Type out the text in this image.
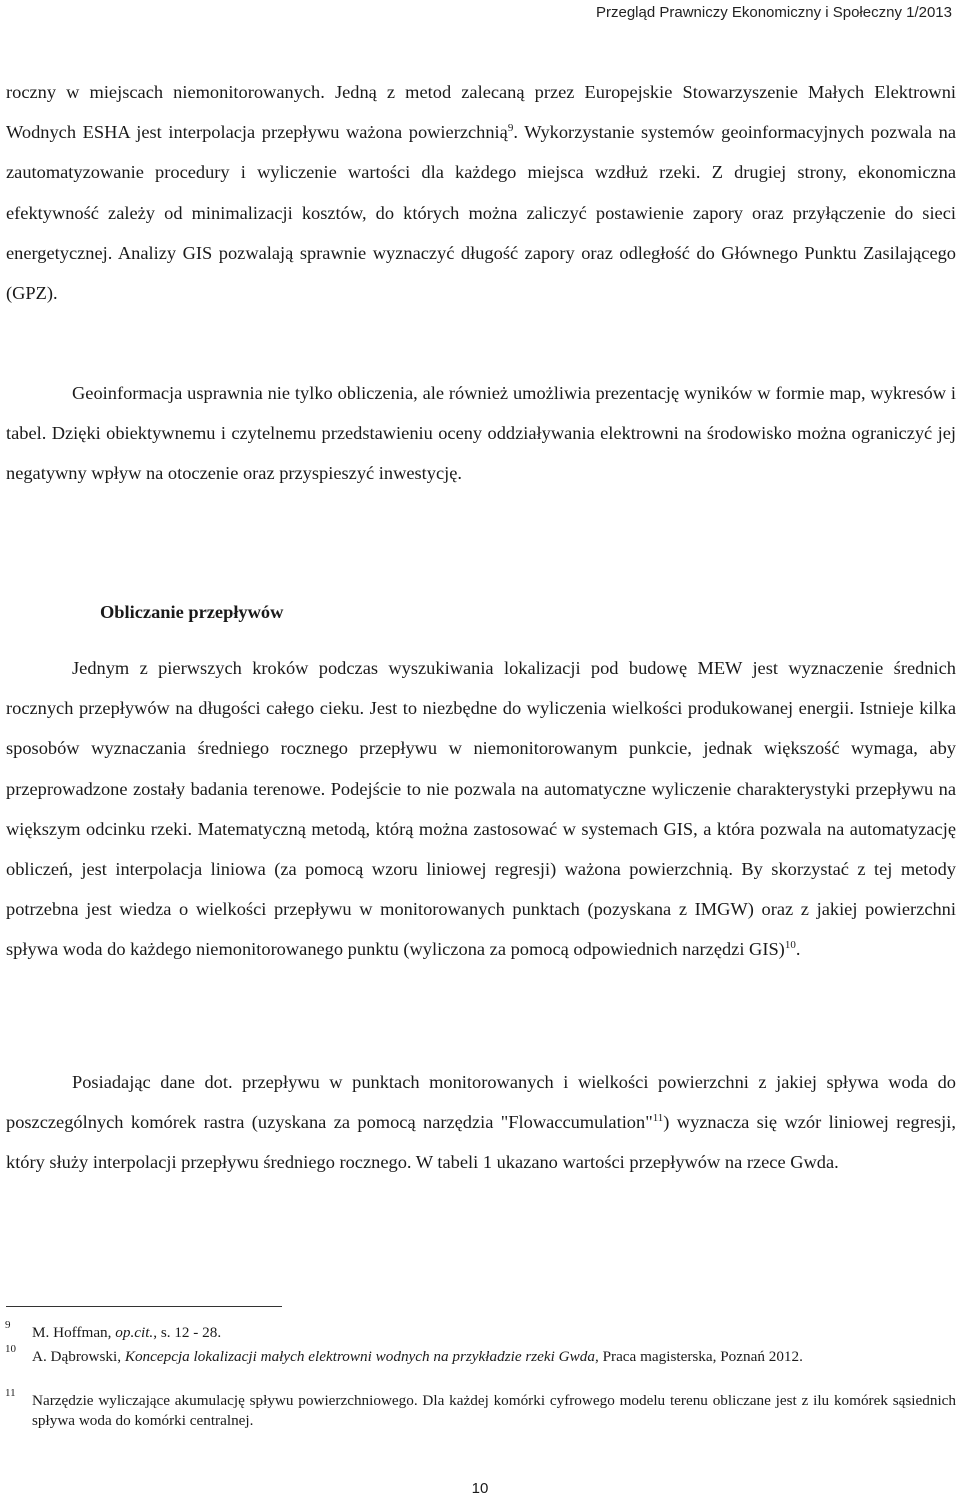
Przegląd Prawniczy Ekonomiczny i Społeczny 1/2013

roczny w miejscach niemonitorowanych. Jedną z metod zalecaną przez Europejskie Stowarzyszenie Małych Elektrowni Wodnych ESHA jest interpolacja przepływu ważona powierzchnią$^9$. Wykorzystanie systemów geoinformacyjnych pozwala na zautomatyzowanie procedury i wyliczenie wartości dla każdego miejsca wzdłuż rzeki. Z drugiej strony, ekonomiczna efektywność zależy od minimalizacji kosztów, do których można zaliczyć postawienie zapory oraz przyłączenie do sieci energetycznej. Analizy GIS pozwalają sprawnie wyznaczyć długość zapory oraz odległość do Głównego Punktu Zasilającego (GPZ).

Geoinformacja usprawnia nie tylko obliczenia, ale również umożliwia prezentację wyników w formie map, wykresów i tabel. Dzięki obiektywnemu i czytelnemu przedstawieniu oceny oddziaływania elektrowni na środowisko można ograniczyć jej negatywny wpływ na otoczenie oraz przyspieszyć inwestycję.

Obliczanie przepływów

Jednym z pierwszych kroków podczas wyszukiwania lokalizacji pod budowę MEW jest wyznaczenie średnich rocznych przepływów na długości całego cieku. Jest to niezbędne do wyliczenia wielkości produkowanej energii. Istnieje kilka sposobów wyznaczania średniego rocznego przepływu w niemonitorowanym punkcie, jednak większość wymaga, aby przeprowadzone zostały badania terenowe. Podejście to nie pozwala na automatyczne wyliczenie charakterystyki przepływu na większym odcinku rzeki. Matematyczną metodą, którą można zastosować w systemach GIS, a która pozwala na automatyzację obliczeń, jest interpolacja liniowa (za pomocą wzoru liniowej regresji) ważona powierzchnią. By skorzystać z tej metody potrzebna jest wiedza o wielkości przepływu w monitorowanych punktach (pozyskana z IMGW) oraz z jakiej powierzchni spływa woda do każdego niemonitorowanego punktu (wyliczona za pomocą odpowiednich narzędzi GIS)$^{10}$.

Posiadając dane dot. przepływu w punktach monitorowanych i wielkości powierzchni z jakiej spływa woda do poszczególnych komórek rastra (uzyskana za pomocą narzędzia "Flowaccumulation"$^{11}$) wyznacza się wzór liniowej regresji, który służy interpolacji przepływu średniego rocznego. W tabeli 1 ukazano wartości przepływów na rzece Gwda.

9 M. Hoffman, op.cit., s. 12 - 28.
10 A. Dąbrowski, Koncepcja lokalizacji małych elektrowni wodnych na przykładzie rzeki Gwda, Praca magisterska, Poznań 2012.
11 Narzędzie wyliczające akumulację spływu powierzchniowego. Dla każdej komórki cyfrowego modelu terenu obliczane jest z ilu komórek sąsiednich spływa woda do komórki centralnej.
10
